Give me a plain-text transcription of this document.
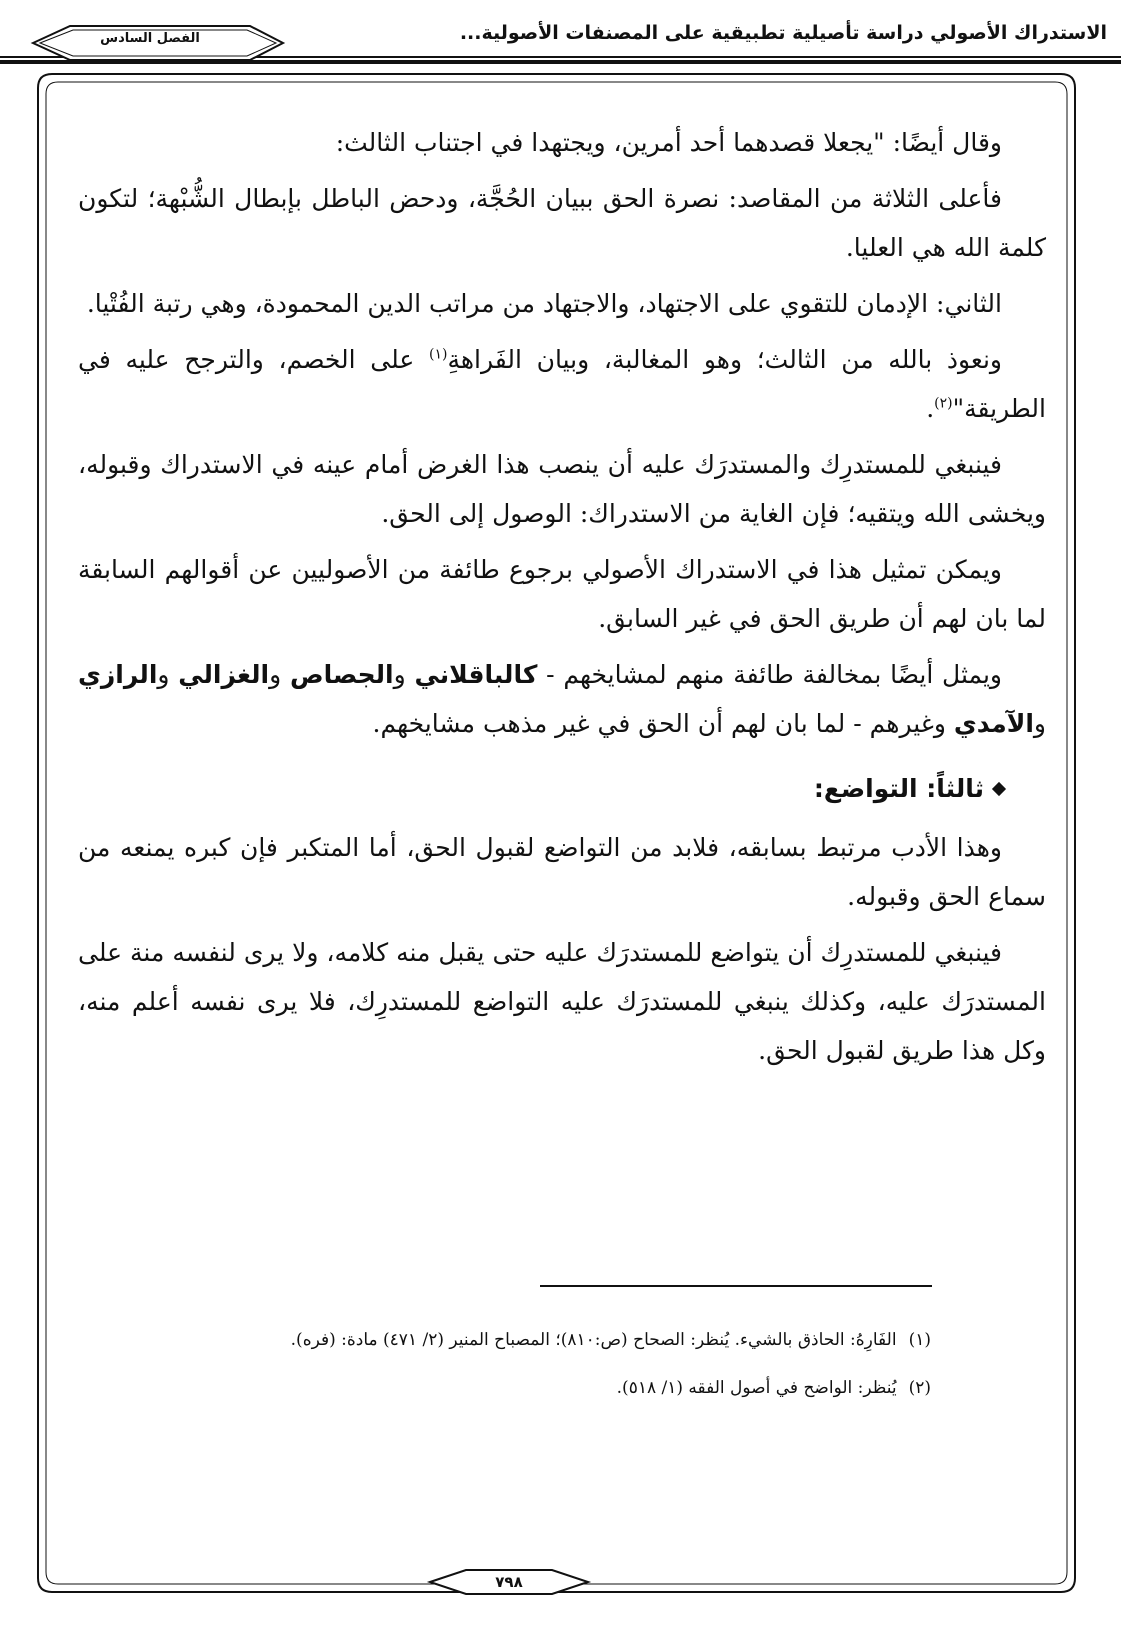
الاستدراك الأصولي دراسة تأصيلية تطبيقية على المصنفات الأصولية...
الفصل السادس

وقال أيضًا: "يجعلا قصدهما أحد أمرين، ويجتهدا في اجتناب الثالث:

فأعلى الثلاثة من المقاصد: نصرة الحق ببيان الحُجَّة، ودحض الباطل بإبطال الشُّبْهة؛ لتكون كلمة الله هي العليا.

الثاني: الإدمان للتقوي على الاجتهاد، والاجتهاد من مراتب الدين المحمودة، وهي رتبة الفُتْيا.

ونعوذ بالله من الثالث؛ وهو المغالبة، وبيان الفَراهةِ$^{(١)}$ على الخصم، والترجح عليه في الطريقة"$^{(٢)}$.

فينبغي للمستدرِك والمستدرَك عليه أن ينصب هذا الغرض أمام عينه في الاستدراك وقبوله، ويخشى الله ويتقيه؛ فإن الغاية من الاستدراك: الوصول إلى الحق.

ويمكن تمثيل هذا في الاستدراك الأصولي برجوع طائفة من الأصوليين عن أقوالهم السابقة لما بان لهم أن طريق الحق في غير السابق.

ويمثل أيضًا بمخالفة طائفة منهم لمشايخهم - كالباقلاني والجصاص والغزالي والرازي والآمدي وغيرهم - لما بان لهم أن الحق في غير مذهب مشايخهم.

ثالثاً: التواضع:

وهذا الأدب مرتبط بسابقه، فلابد من التواضع لقبول الحق، أما المتكبر فإن كبره يمنعه من سماع الحق وقبوله.

فينبغي للمستدرِك أن يتواضع للمستدرَك عليه حتى يقبل منه كلامه، ولا يرى لنفسه منة على المستدرَك عليه، وكذلك ينبغي للمستدرَك عليه التواضع للمستدرِك، فلا يرى نفسه أعلم منه، وكل هذا طريق لقبول الحق.

(١)الفَارِهُ: الحاذق بالشيء. يُنظر: الصحاح (ص:٨١٠)؛ المصباح المنير (٢/ ٤٧١) مادة: (فره).

(٢)يُنظر: الواضح في أصول الفقه (١/ ٥١٨).

٧٩٨
